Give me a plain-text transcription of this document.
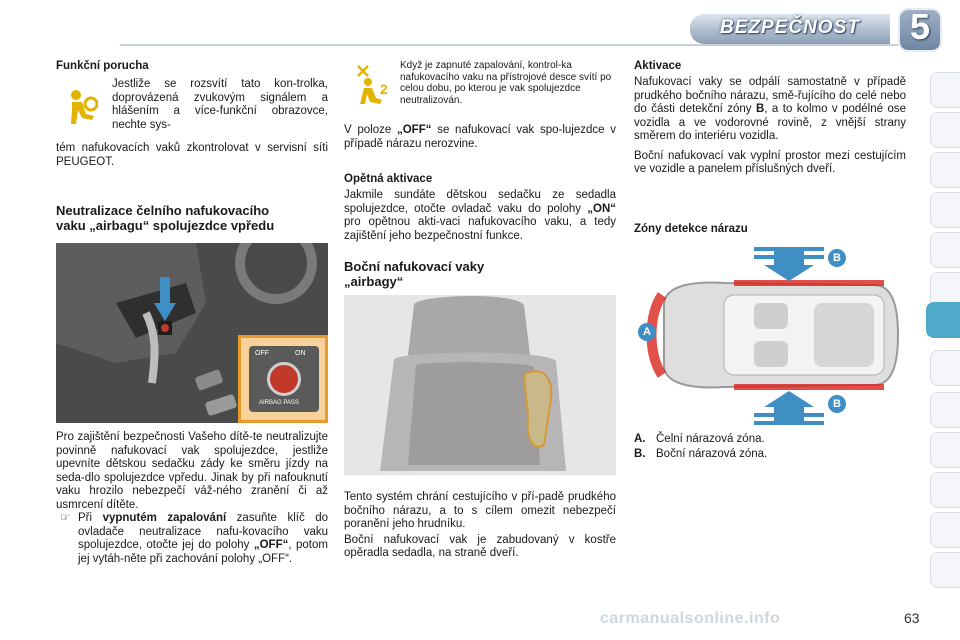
BEZPEČNOST	5
Funkční porucha
Jestliže se rozsvítí tato kon-trolka, doprovázená zvukovým signálem a hlášením a více-funkční obrazovce, nechte sys-
tém nafukovacích vaků zkontrolovat v servisní síti PEUGEOT.
Neutralizace čelního nafukovacího
vaku „airbagu“ spolujezdce vpředu
OFF	ON
AIRBAG PASS
Pro zajištění bezpečnosti Vašeho dítě-te neutralizujte povinně nafukovací vak spolujezdce, jestliže upevníte dětskou sedačku zády ke směru jízdy na seda-dlo spolujezdce vpředu. Jinak by při nafouknutí vaku hrozilo nebezpečí váž-ného zranění či až usmrcení dítěte.
☞ Při vypnutém zapalování zasuňte klíč do ovladače neutralizace nafu-kovacího vaku spolujezdce, otočte jej do polohy „OFF“, potom jej vytáh-něte při zachování polohy „OFF“.
2
Když je zapnuté zapalování, kontrol-ka nafukovacího vaku na přístrojové desce svítí po celou dobu, po kterou je vak spolujezdce neutralizován.
V poloze „OFF“ se nafukovací vak spo-lujezdce v případě nárazu nerozvine.
Opětná aktivace
Jakmile sundáte dětskou sedačku ze sedadla spolujezdce, otočte ovladač vaku do polohy „ON“ pro opětnou akti-vaci nafukovacího vaku, a tedy zajištění jeho bezpečnostní funkce.
Boční nafukovací vaky
„airbagy“
Tento systém chrání cestujícího v pří-padě prudkého bočního nárazu, a to s cílem omezit nebezpečí poranění jeho hrudníku.
Boční nafukovací vak je zabudovaný v kostře opěradla sedadla, na straně dveří.
Aktivace
Nafukovací vaky se odpálí samostatně v případě prudkého bočního nárazu, smě-řujícího do celé nebo do části detekční zóny B, a to kolmo v podélné ose vozidla a ve vodorovné rovině, z vnější strany směrem do interiéru vozidla.
Boční nafukovací vak vyplní prostor mezi cestujícím ve vozidle a panelem příslušných dveří.
Zóny detekce nárazu
B
B
A
A. Čelní nárazová zóna.
B. Boční nárazová zóna.
carmanualsonline.info	63
